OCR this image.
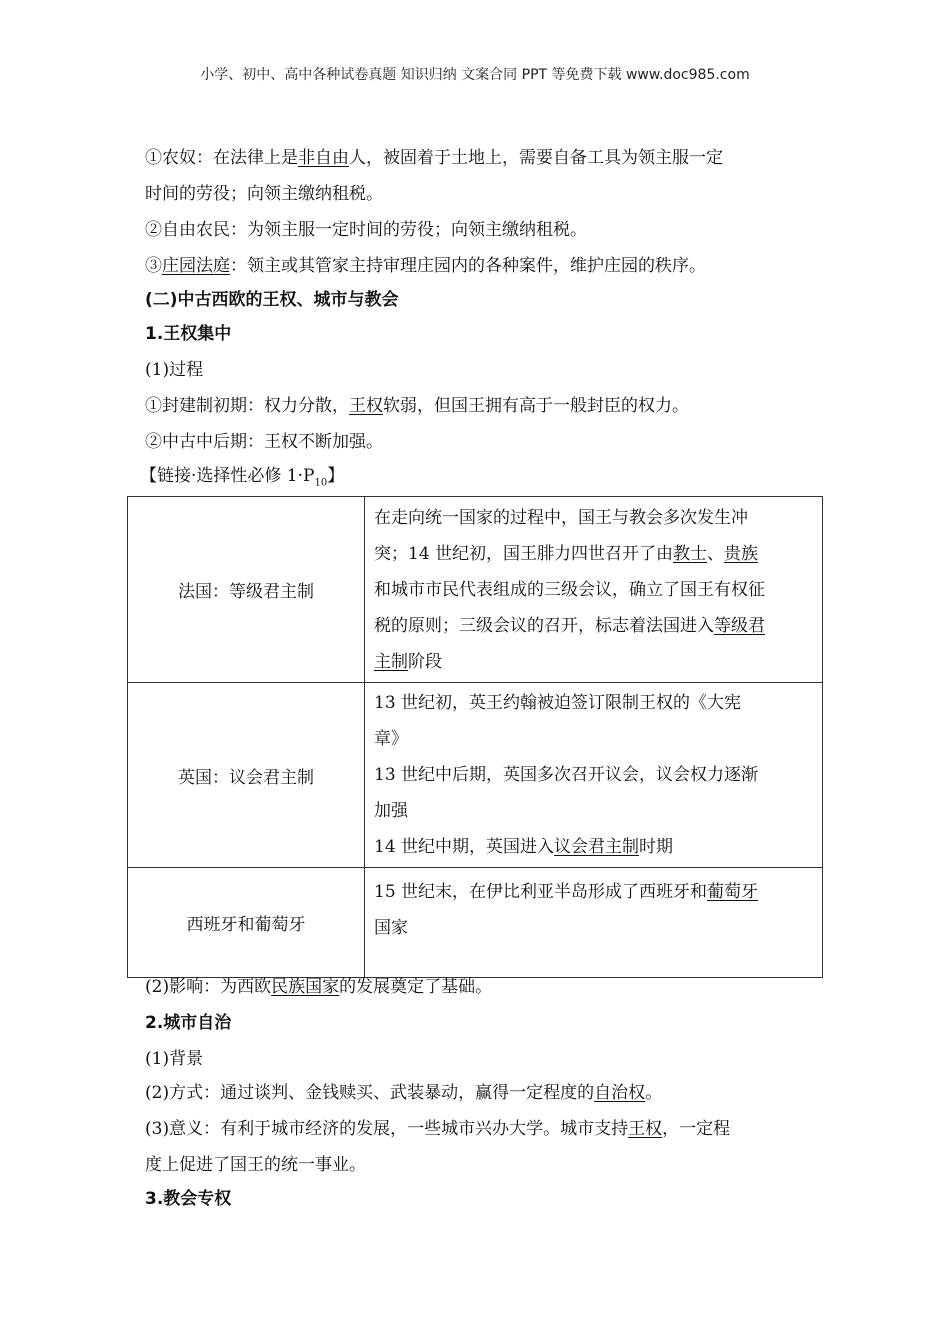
小学、初中、高中各种试卷真题 知识归纳 文案合同 PPT 等免费下载 www.doc985.com
①农奴：在法律上是非自由人，被固着于土地上，需要自备工具为领主服一定
时间的劳役；向领主缴纳租税。
②自由农民：为领主服一定时间的劳役；向领主缴纳租税。
③庄园法庭：领主或其管家主持审理庄园内的各种案件，维护庄园的秩序。
(二)中古西欧的王权、城市与教会
1.王权集中
(1)过程
①封建制初期：权力分散，王权软弱，但国王拥有高于一般封臣的权力。
②中古中后期：王权不断加强。
【链接·选择性必修 $1\cdot P_{10}$】
法国：等级君主制	在走向统一国家的过程中，国王与教会多次发生冲
突；14 世纪初，国王腓力四世召开了由教士、贵族
和城市市民代表组成的三级会议，确立了国王有权征
税的原则；三级会议的召开，标志着法国进入等级君
主制阶段

英国：议会君主制	13 世纪初，英王约翰被迫签订限制王权的《大宪
章》
13 世纪中后期，英国多次召开议会，议会权力逐渐
加强
14 世纪中期，英国进入议会君主制时期

西班牙和葡萄牙	15 世纪末，在伊比利亚半岛形成了西班牙和葡萄牙
国家
(2)影响：为西欧民族国家的发展奠定了基础。
2.城市自治
(1)背景
(2)方式：通过谈判、金钱赎买、武装暴动，赢得一定程度的自治权。
(3)意义：有利于城市经济的发展，一些城市兴办大学。城市支持王权，一定程
度上促进了国王的统一事业。
3.教会专权
